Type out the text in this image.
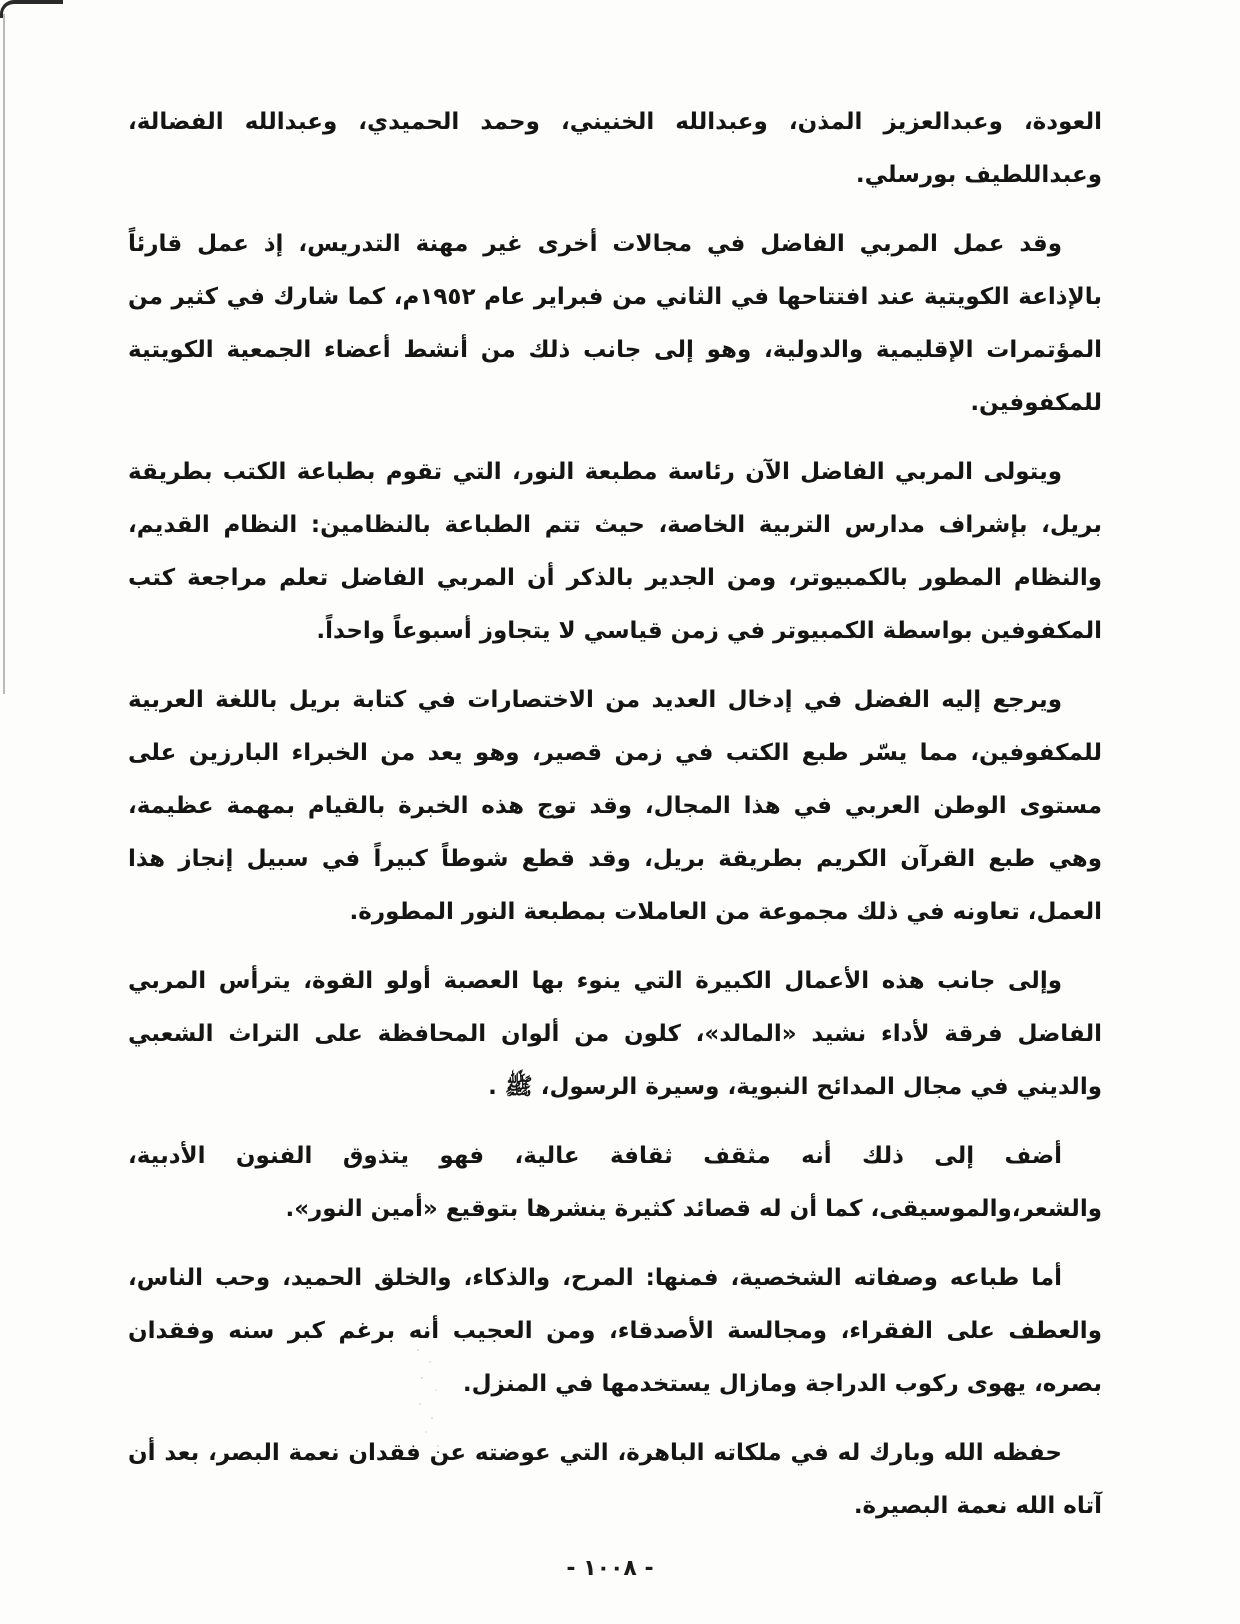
العودة، وعبدالعزيز المذن، وعبدالله الخنيني، وحمد الحميدي، وعبدالله الفضالة، وعبداللطيف بورسلي.

وقد عمل المربي الفاضل في مجالات أخرى غير مهنة التدريس، إذ عمل قارئاً بالإذاعة الكويتية عند افتتاحها في الثاني من فبراير عام ١٩٥٢م، كما شارك في كثير من المؤتمرات الإقليمية والدولية، وهو إلى جانب ذلك من أنشط أعضاء الجمعية الكويتية للمكفوفين.

ويتولى المربي الفاضل الآن رئاسة مطبعة النور، التي تقوم بطباعة الكتب بطريقة بريل، بإشراف مدارس التربية الخاصة، حيث تتم الطباعة بالنظامين: النظام القديم، والنظام المطور بالكمبيوتر، ومن الجدير بالذكر أن المربي الفاضل تعلم مراجعة كتب المكفوفين بواسطة الكمبيوتر في زمن قياسي لا يتجاوز أسبوعاً واحداً.

ويرجع إليه الفضل في إدخال العديد من الاختصارات في كتابة بريل باللغة العربية للمكفوفين، مما يسّر طبع الكتب في زمن قصير، وهو يعد من الخبراء البارزين على مستوى الوطن العربي في هذا المجال، وقد توج هذه الخبرة بالقيام بمهمة عظيمة، وهي طبع القرآن الكريم بطريقة بريل، وقد قطع شوطاً كبيراً في سبيل إنجاز هذا العمل، تعاونه في ذلك مجموعة من العاملات بمطبعة النور المطورة.

وإلى جانب هذه الأعمال الكبيرة التي ينوء بها العصبة أولو القوة، يترأس المربي الفاضل فرقة لأداء نشيد «المالد»، كلون من ألوان المحافظة على التراث الشعبي والديني في مجال المدائح النبوية، وسيرة الرسول، ﷺ .

أضف إلى ذلك أنه مثقف ثقافة عالية، فهو يتذوق الفنون الأدبية، والشعر،والموسيقى، كما أن له قصائد كثيرة ينشرها بتوقيع «أمين النور».

أما طباعه وصفاته الشخصية، فمنها: المرح، والذكاء، والخلق الحميد، وحب الناس، والعطف على الفقراء، ومجالسة الأصدقاء، ومن العجيب أنه برغم كبر سنه وفقدان بصره، يهوى ركوب الدراجة ومازال يستخدمها في المنزل.

حفظه الله وبارك له في ملكاته الباهرة، التي عوضته عن فقدان نعمة البصر، بعد أن آتاه الله نعمة البصيرة.

- ١٠٠٨ -
